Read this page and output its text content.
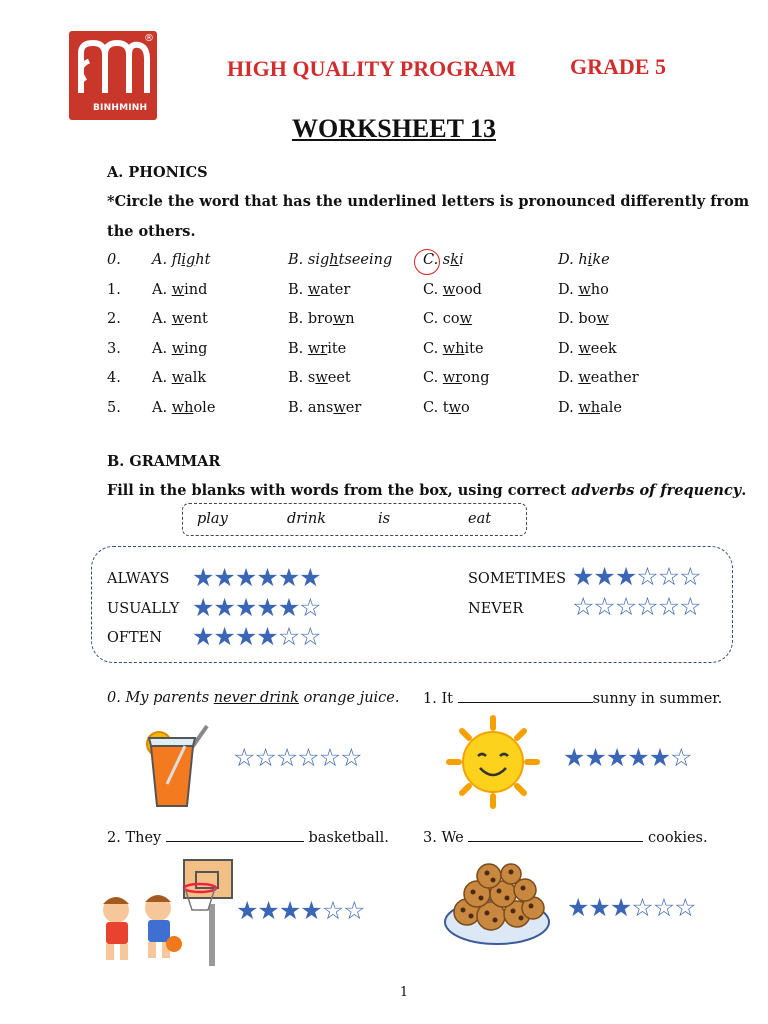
®
BINHMINH
HIGH QUALITY PROGRAM GRADE 5
WORKSHEET 13
A. PHONICS
*Circle the word that has the underlined letters is pronounced differently from
the others.
0. A. flight	B. sightseeing C. ski	D. hike
1. A. wind	B. water	C. wood	D. who
2. A. went	B. brown	C. cow	D. bow
3. A. wing	B. write	C. white	D. week
4. A. walk	B. sweet	C. wrong	D. weather
5. A. whole	B. answer	C. two	D. whale
B. GRAMMAR
Fill in the blanks with words from the box, using correct adverbs of frequency.
play	drink	is	eat
ALWAYS ★★★★★★
USUALLY ★★★★★☆
OFTEN ★★★★☆☆
SOMETIMES ★★★☆☆☆
NEVER ☆☆☆☆☆☆
0. My parents never drink orange juice.
☆☆☆☆☆☆
1. It	sunny in summer.
★★★★★☆
2. They	basketball.
★★★★☆☆
3. We	cookies.
★★★☆☆☆
1
